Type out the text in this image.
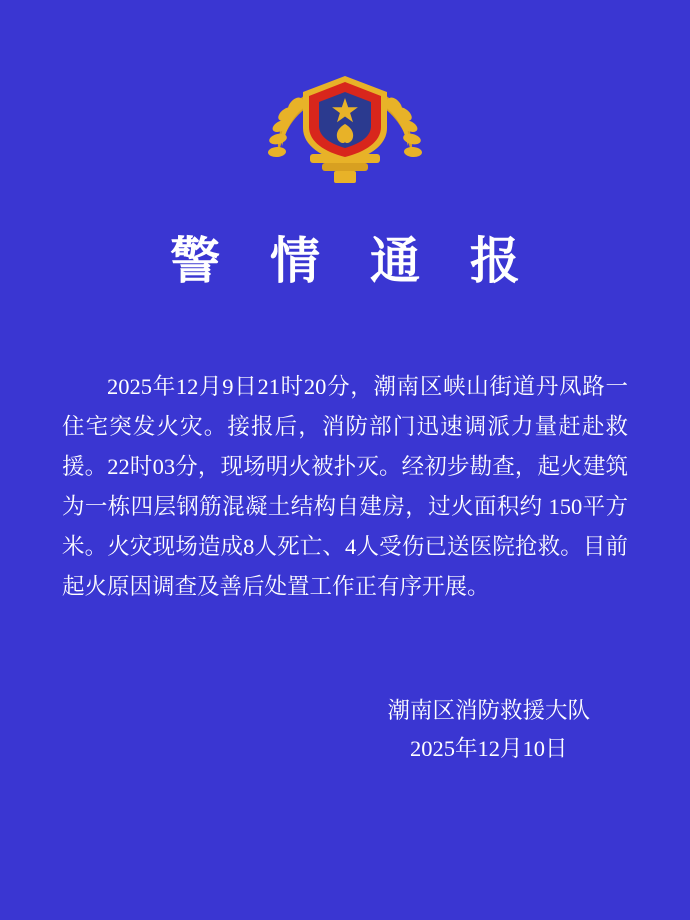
警 情 通 报

2025年12月9日21时20分，潮南区峡山街道丹凤路一住宅突发火灾。接报后，消防部门迅速调派力量赶赴救援。22时03分，现场明火被扑灭。经初步勘查，起火建筑为一栋四层钢筋混凝土结构自建房，过火面积约 150平方米。火灾现场造成8人死亡、4人受伤已送医院抢救。目前起火原因调查及善后处置工作正有序开展。

潮南区消防救援大队
2025年12月10日
